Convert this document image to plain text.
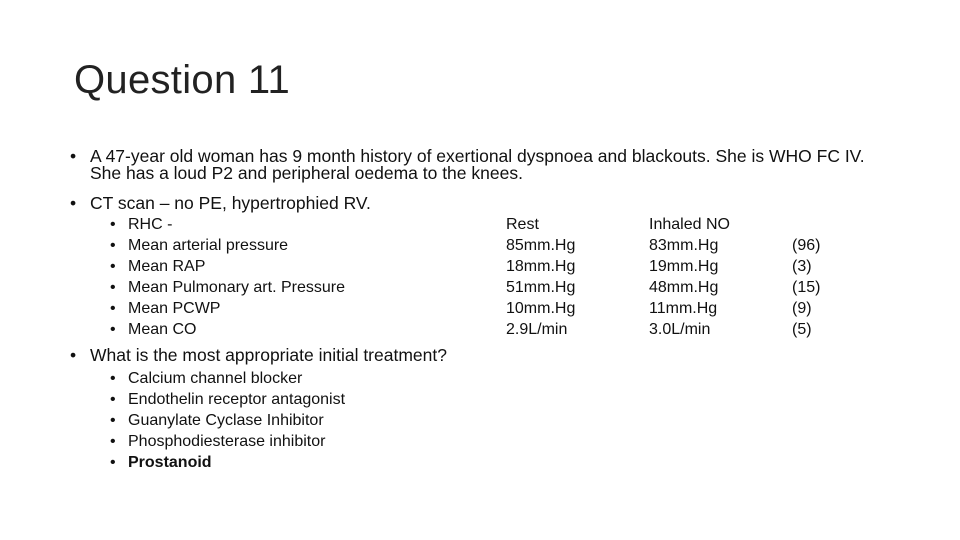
Question 11
• A 47-year old woman has 9 month history of exertional dyspnoea and blackouts. She is WHO FC IV. She has a loud P2 and peripheral oedema to the knees.
• CT scan – no PE, hypertrophied RV.
• RHC -	Rest	Inhaled NO
• Mean arterial pressure	85mm.Hg	83mm.Hg	(96)
• Mean RAP	18mm.Hg	19mm.Hg	(3)
• Mean Pulmonary art. Pressure	51mm.Hg	48mm.Hg	(15)
• Mean PCWP	10mm.Hg	11mm.Hg	(9)
• Mean CO	2.9L/min	3.0L/min	(5)
• What is the most appropriate initial treatment?
• Calcium channel blocker
• Endothelin receptor antagonist
• Guanylate Cyclase Inhibitor
• Phosphodiesterase inhibitor
• Prostanoid
